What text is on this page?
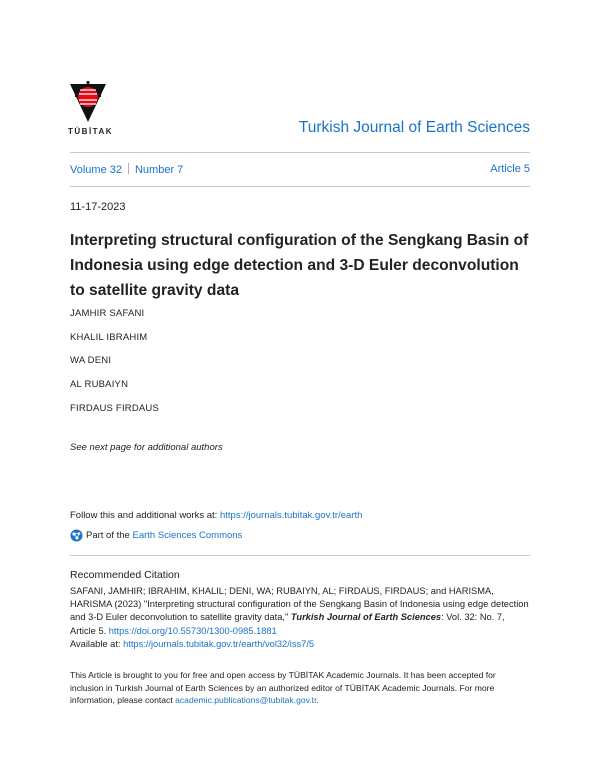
TÜBİTAK	Turkish Journal of Earth Sciences
Volume 32 Number 7	Article 5
11-17-2023
Interpreting structural configuration of the Sengkang Basin of Indonesia using edge detection and 3-D Euler deconvolution to satellite gravity data
JAMHIR SAFANI
KHALIL IBRAHIM
WA DENI
AL RUBAIYN
FIRDAUS FIRDAUS
See next page for additional authors
Follow this and additional works at: https://journals.tubitak.gov.tr/earth
Part of the
Earth Sciences Commons
Recommended Citation
SAFANI, JAMHIR; IBRAHIM, KHALIL; DENI, WA; RUBAIYN, AL; FIRDAUS, FIRDAUS; and HARISMA, HARISMA (2023) "Interpreting structural configuration of the Sengkang Basin of Indonesia using edge detection and 3-D Euler deconvolution to satellite gravity data," Turkish Journal of Earth Sciences: Vol. 32: No. 7, Article 5. https://doi.org/10.55730/1300-0985.1881
Available at: https://journals.tubitak.gov.tr/earth/vol32/iss7/5
This Article is brought to you for free and open access by TÜBİTAK Academic Journals. It has been accepted for inclusion in Turkish Journal of Earth Sciences by an authorized editor of TÜBİTAK Academic Journals. For more information, please contact academic.publications@tubitak.gov.tr.
